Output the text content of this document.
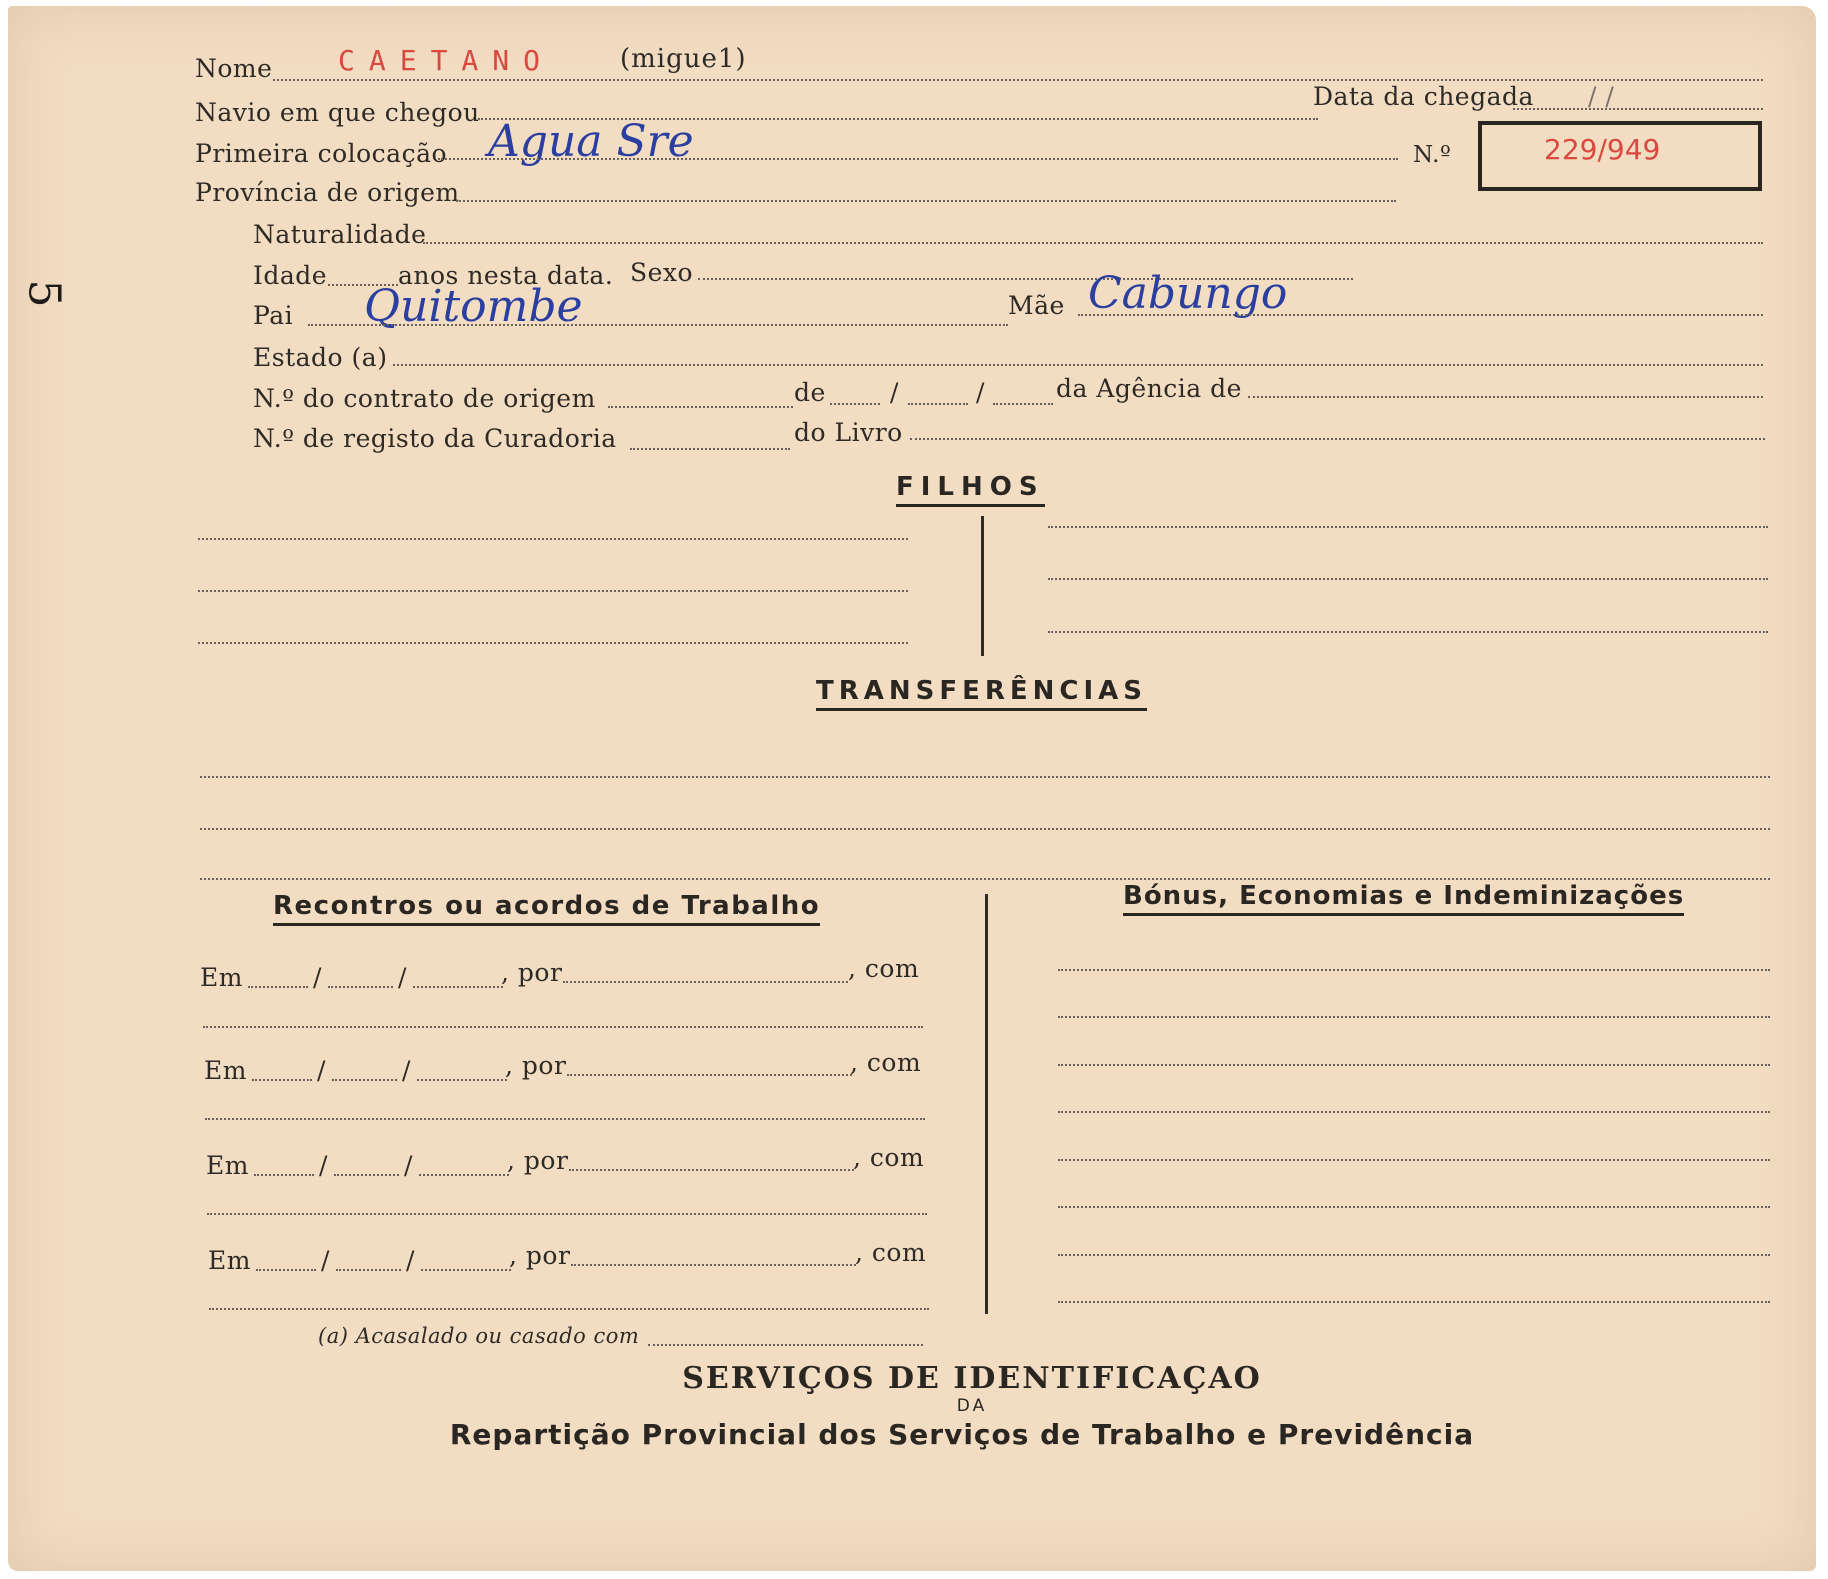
Nome CAETANO	(migue1)
Navio em que chegou
Data da chegada / /
Primeira colocação Agua Sre	N.º	229/949
Província de origem
Naturalidade
Idade	anos nesta data. Sexo
Pai Quitombe	Mãe Cabungo
Estado (a)
N.º do contrato de origem	de	/	/	da Agência de
N.º de registo da Curadoria	do Livro
FILHOS
TRANSFERÊNCIAS
Recontros ou acordos de Trabalho	Bónus, Economias e Indeminizações
Em	/	/	, por	, com
Em	/	/	, por	, com
Em	/	/	, por	, com
Em	/	/	, por	, com
(a) Acasalado ou casado com
SERVIÇOS DE IDENTIFICAÇAO
DA
Repartição Provincial dos Serviços de Trabalho e Previdência
5
